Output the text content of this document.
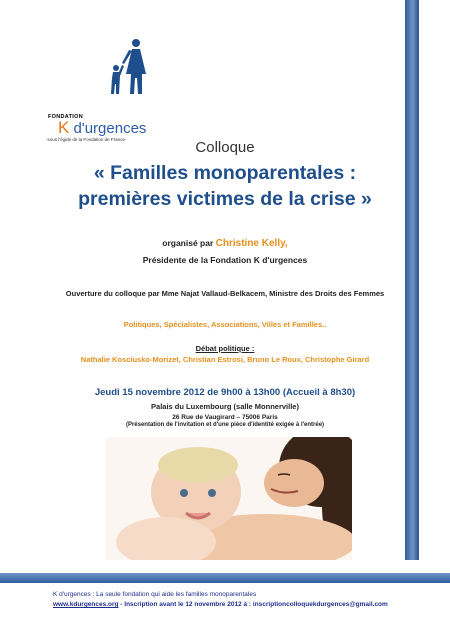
FONDATION
K d'urgences
-sous l'égide de la Fondation de France-	Colloque
« Familles monoparentales :
premières victimes de la crise »
organisé par Christine Kelly,
Présidente de la Fondation K d'urgences
Ouverture du colloque par Mme Najat Vallaud-Belkacem, Ministre des Droits des Femmes
Politiques, Spécialistes, Associations, Villes et Familles..
Débat politique :
Nathalie Kosciusko-Morizet, Christian Estrosi, Bruno Le Roux, Christophe Girard
Jeudi 15 novembre 2012 de 9h00 à 13h00 (Accueil à 8h30)
Palais du Luxembourg (salle Monnerville)
26 Rue de Vaugirard – 75006 Paris
(Présentation de l'invitation et d'une pièce d'identité exigée à l'entrée)
K d'urgences : La seule fondation qui aide les familles monoparentales
www.kdurgences.org - Inscription avant le 12 novembre 2012 à : inscriptioncolloquekdurgences@gmail.com
